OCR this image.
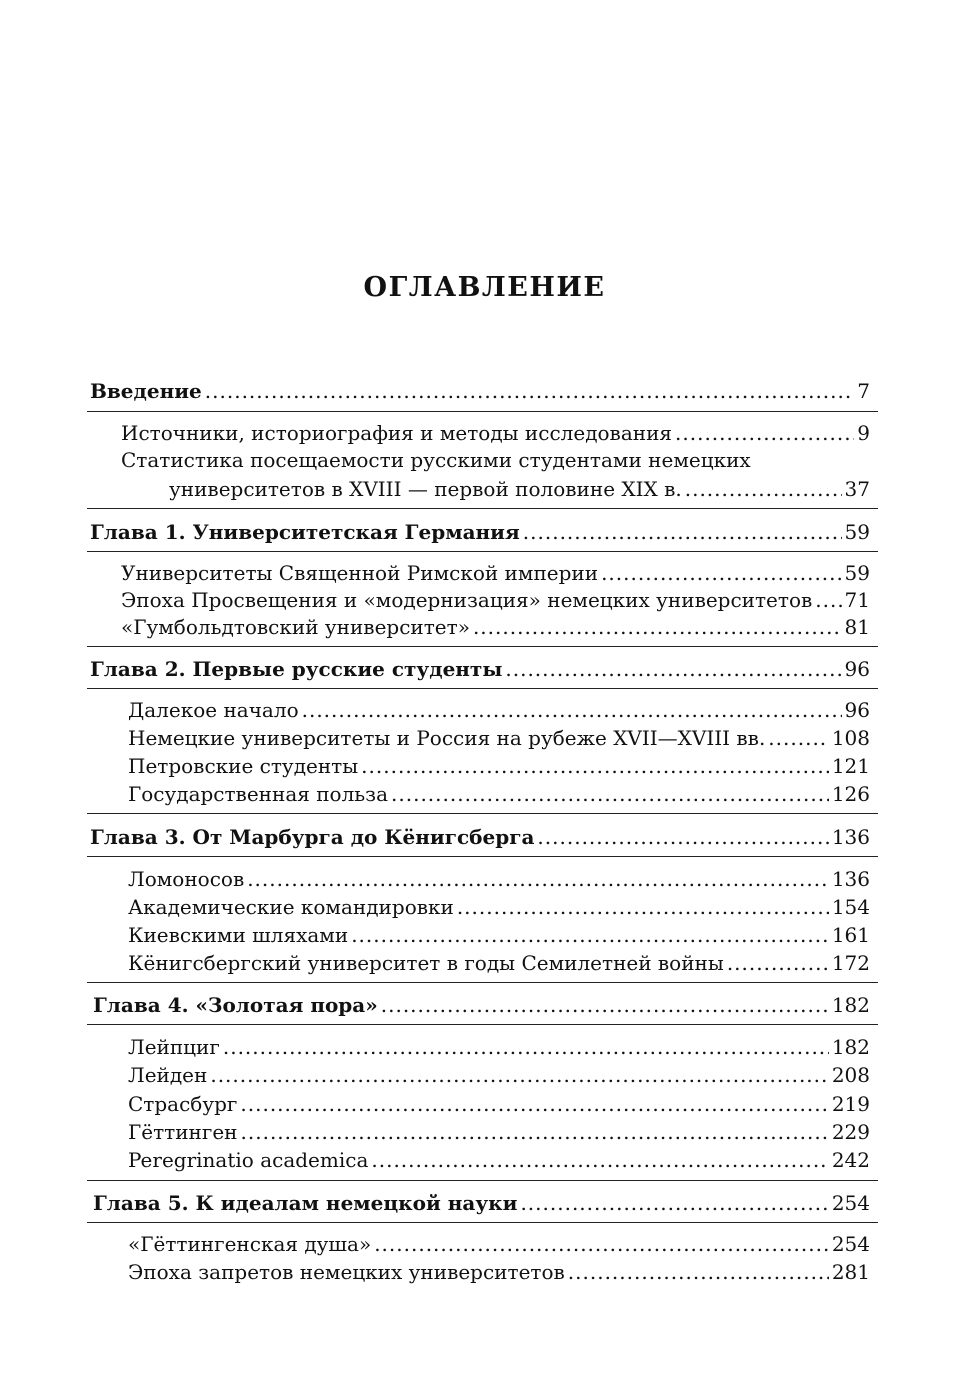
ОГЛАВЛЕНИЕ
Введение .....	7
Источники, историография и методы исследования .....	9
Статистика посещаемости русскими студентами немецких
университетов в XVIII — первой половине XIX в. .....	37
Глава 1. Университетская Германия .....	59
Университеты Священной Римской империи .....	59
Эпоха Просвещения и «модернизация» немецких университетов ..... 71
«Гумбольдтовский университет» .....	81
Глава 2. Первые русские студенты .....	96
Далекое начало .....	96
Немецкие университеты и Россия на рубеже XVII—XVIII вв. .....	108
Петровские студенты .....	121
Государственная польза .....	126
Глава 3. От Марбурга до Кёнигсберга .....	136
Ломоносов .....	136
Академические командировки .....	154
Киевскими шляхами .....	161
Кёнигсбергский университет в годы Семилетней войны .....	172
Глава 4. «Золотая пора» .....	182
Лейпциг .....	182
Лейден .....	208
Страсбург .....	219
Гёттинген .....	229
Peregrinatio academica .....	242
Глава 5. К идеалам немецкой науки .....	254
«Гёттингенская душа» .....	254
Эпоха запретов немецких университетов .....	281
